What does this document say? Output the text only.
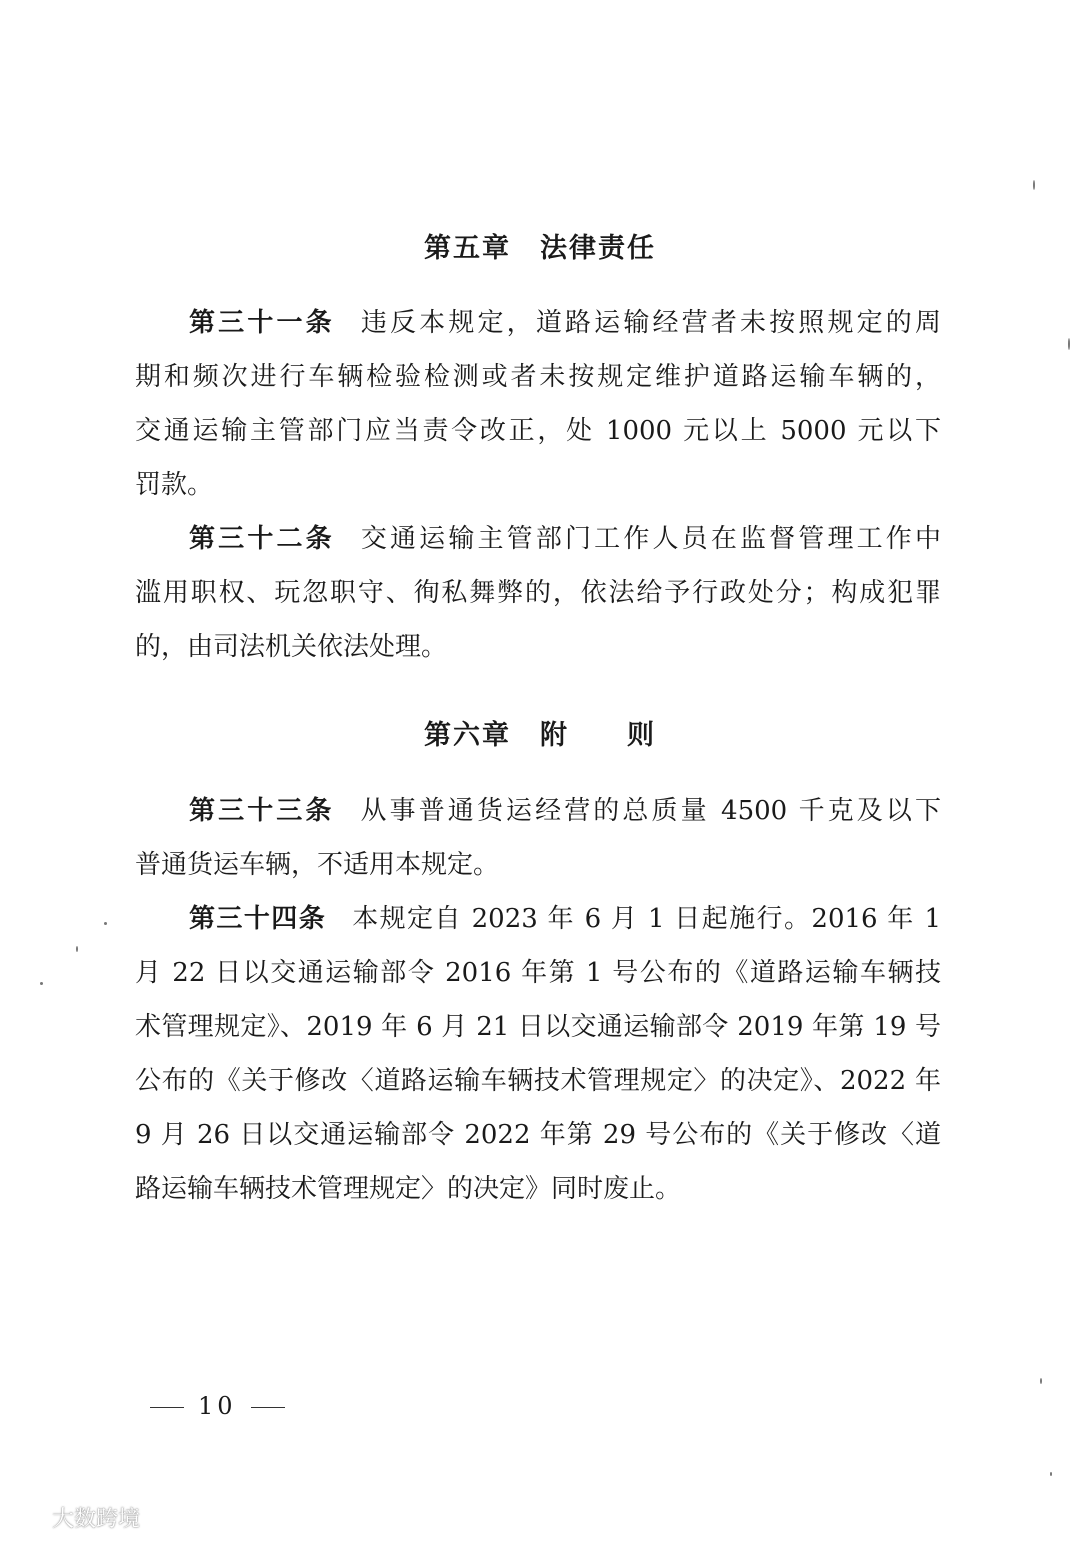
第五章　法律责任
第三十一条 违反本规定，道路运输经营者未按照规定的周
期和频次进行车辆检验检测或者未按规定维护道路运输车辆的，
交通运输主管部门应当责令改正，处 1000 元以上 5000 元以下
罚款。
第三十二条 交通运输主管部门工作人员在监督管理工作中
滥用职权、玩忽职守、徇私舞弊的，依法给予行政处分；构成犯罪
的，由司法机关依法处理。
第六章　附　　则
第三十三条 从事普通货运经营的总质量 4500 千克及以下
普通货运车辆，不适用本规定。
第三十四条 本规定自 2023 年 6 月 1 日起施行。2016 年 1
月 22 日以交通运输部令 2016 年第 1 号公布的《道路运输车辆技
术管理规定》、2019 年 6 月 21 日以交通运输部令 2019 年第 19 号
公布的《关于修改〈道路运输车辆技术管理规定〉的决定》、2022 年
9 月 26 日以交通运输部令 2022 年第 29 号公布的《关于修改〈道
路运输车辆技术管理规定〉的决定》同时废止。
10
大数跨境
